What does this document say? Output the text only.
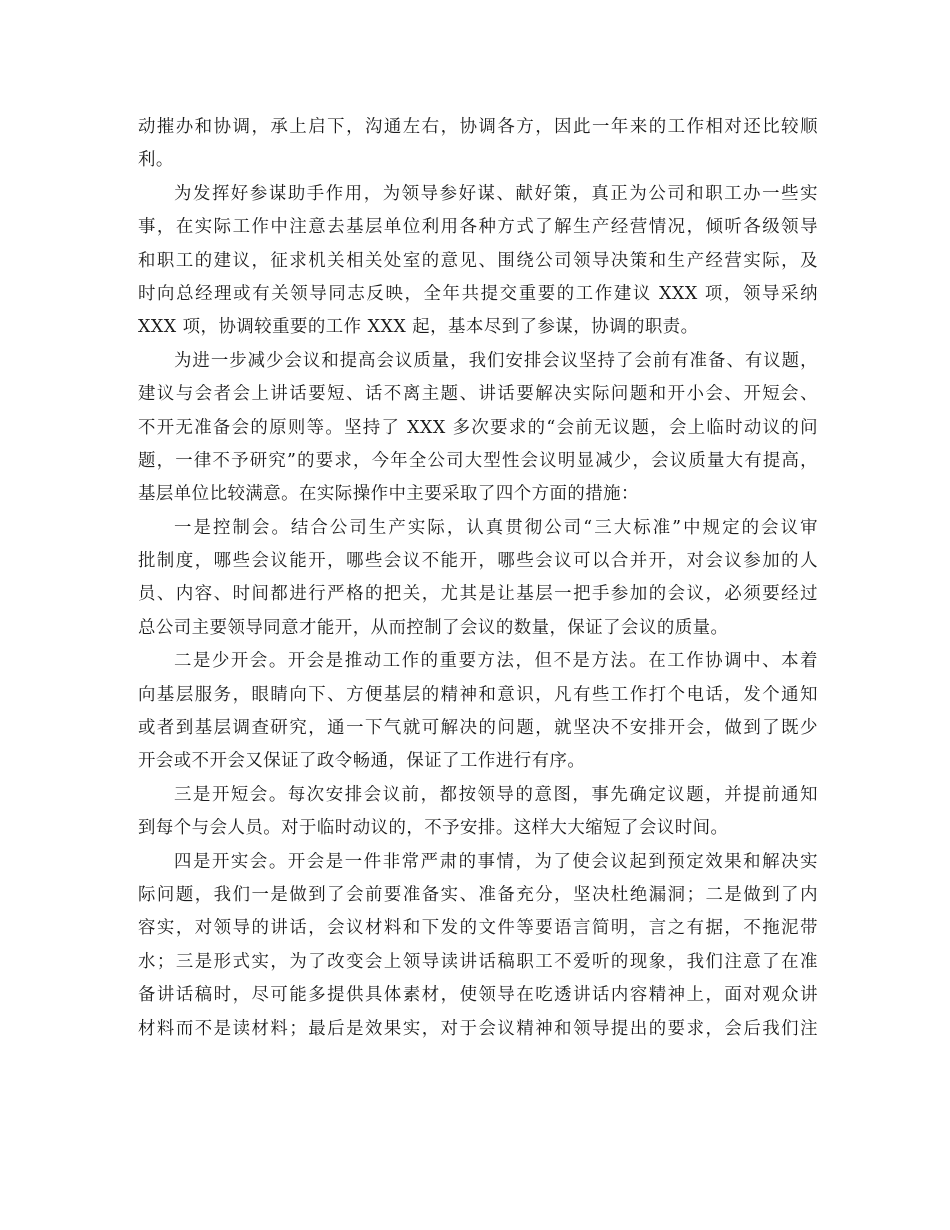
动摧办和协调，承上启下，沟通左右，协调各方，因此一年来的工作相对还比较顺
利。
为发挥好参谋助手作用，为领导参好谋、献好策，真正为公司和职工办一些实
事，在实际工作中注意去基层单位利用各种方式了解生产经营情况，倾听各级领导
和职工的建议，征求机关相关处室的意见、围绕公司领导决策和生产经营实际，及
时向总经理或有关领导同志反映，全年共提交重要的工作建议 XXX 项，领导采纳
XXX 项，协调较重要的工作 XXX 起，基本尽到了参谋，协调的职责。
为进一步减少会议和提高会议质量，我们安排会议坚持了会前有准备、有议题，
建议与会者会上讲话要短、话不离主题、讲话要解决实际问题和开小会、开短会、
不开无准备会的原则等。坚持了 XXX 多次要求的“会前无议题，会上临时动议的问
题，一律不予研究”的要求，今年全公司大型性会议明显减少，会议质量大有提高，
基层单位比较满意。在实际操作中主要采取了四个方面的措施：
一是控制会。结合公司生产实际，认真贯彻公司“三大标准”中规定的会议审
批制度，哪些会议能开，哪些会议不能开，哪些会议可以合并开，对会议参加的人
员、内容、时间都进行严格的把关，尤其是让基层一把手参加的会议，必须要经过
总公司主要领导同意才能开，从而控制了会议的数量，保证了会议的质量。
二是少开会。开会是推动工作的重要方法，但不是方法。在工作协调中、本着
向基层服务，眼睛向下、方便基层的精神和意识，凡有些工作打个电话，发个通知
或者到基层调查研究，通一下气就可解决的问题，就坚决不安排开会，做到了既少
开会或不开会又保证了政令畅通，保证了工作进行有序。
三是开短会。每次安排会议前，都按领导的意图，事先确定议题，并提前通知
到每个与会人员。对于临时动议的，不予安排。这样大大缩短了会议时间。
四是开实会。开会是一件非常严肃的事情，为了使会议起到预定效果和解决实
际问题，我们一是做到了会前要准备实、准备充分，坚决杜绝漏洞；二是做到了内
容实，对领导的讲话，会议材料和下发的文件等要语言简明，言之有据，不拖泥带
水；三是形式实，为了改变会上领导读讲话稿职工不爱听的现象，我们注意了在准
备讲话稿时，尽可能多提供具体素材，使领导在吃透讲话内容精神上，面对观众讲
材料而不是读材料；最后是效果实，对于会议精神和领导提出的要求，会后我们注
